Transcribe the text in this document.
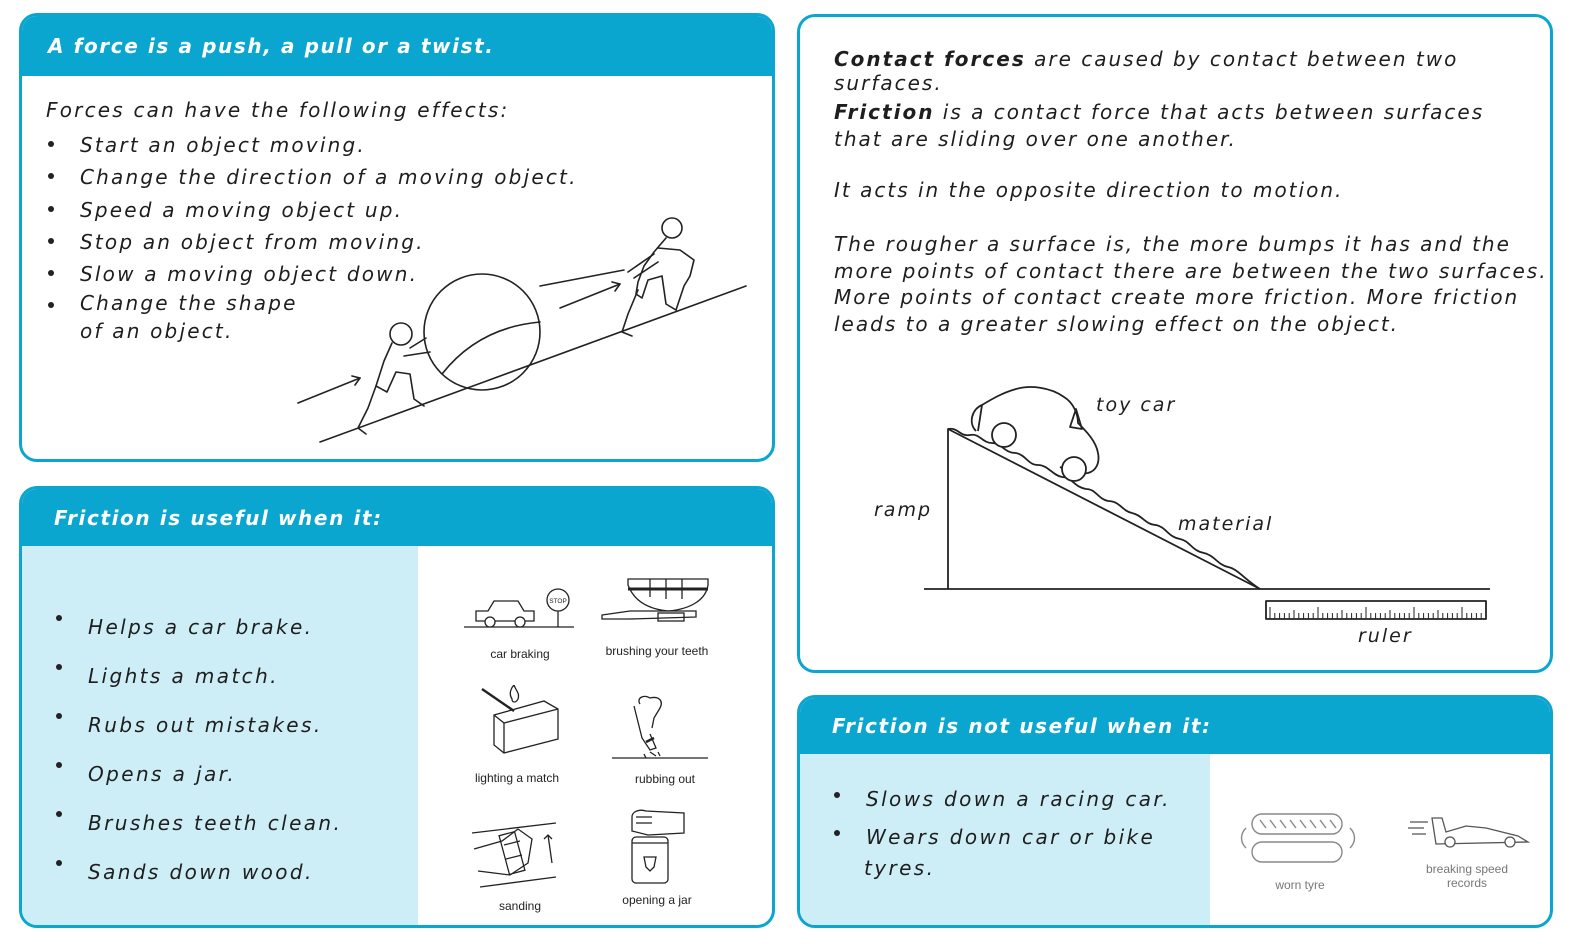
A force is a push, a pull or a twist.
Forces can have the following effects:
Start an object moving.
Change the direction of a moving object.
Speed a moving object up.
Stop an object from moving.
Slow a moving object down.
Change the shape
of an object.
Friction is useful when it:
Helps a car brake.
Lights a match.
Rubs out mistakes.
Opens a jar.
Brushes teeth clean.
Sands down wood.
STOP
car braking	brushing your teeth
lighting a match	rubbing out
sanding	opening a jar
Contact forces are caused by contact between two surfaces.
Friction is a contact force that acts between surfaces
that are sliding over one another.
It acts in the opposite direction to motion.
The rougher a surface is, the more bumps it has and the
more points of contact there are between the two surfaces.
More points of contact create more friction. More friction
leads to a greater slowing effect on the object.
toy car
ramp
material
ruler
Friction is not useful when it:
Slows down a racing car.
Wears down car or bike
tyres.
worn tyre
breaking speed
records
